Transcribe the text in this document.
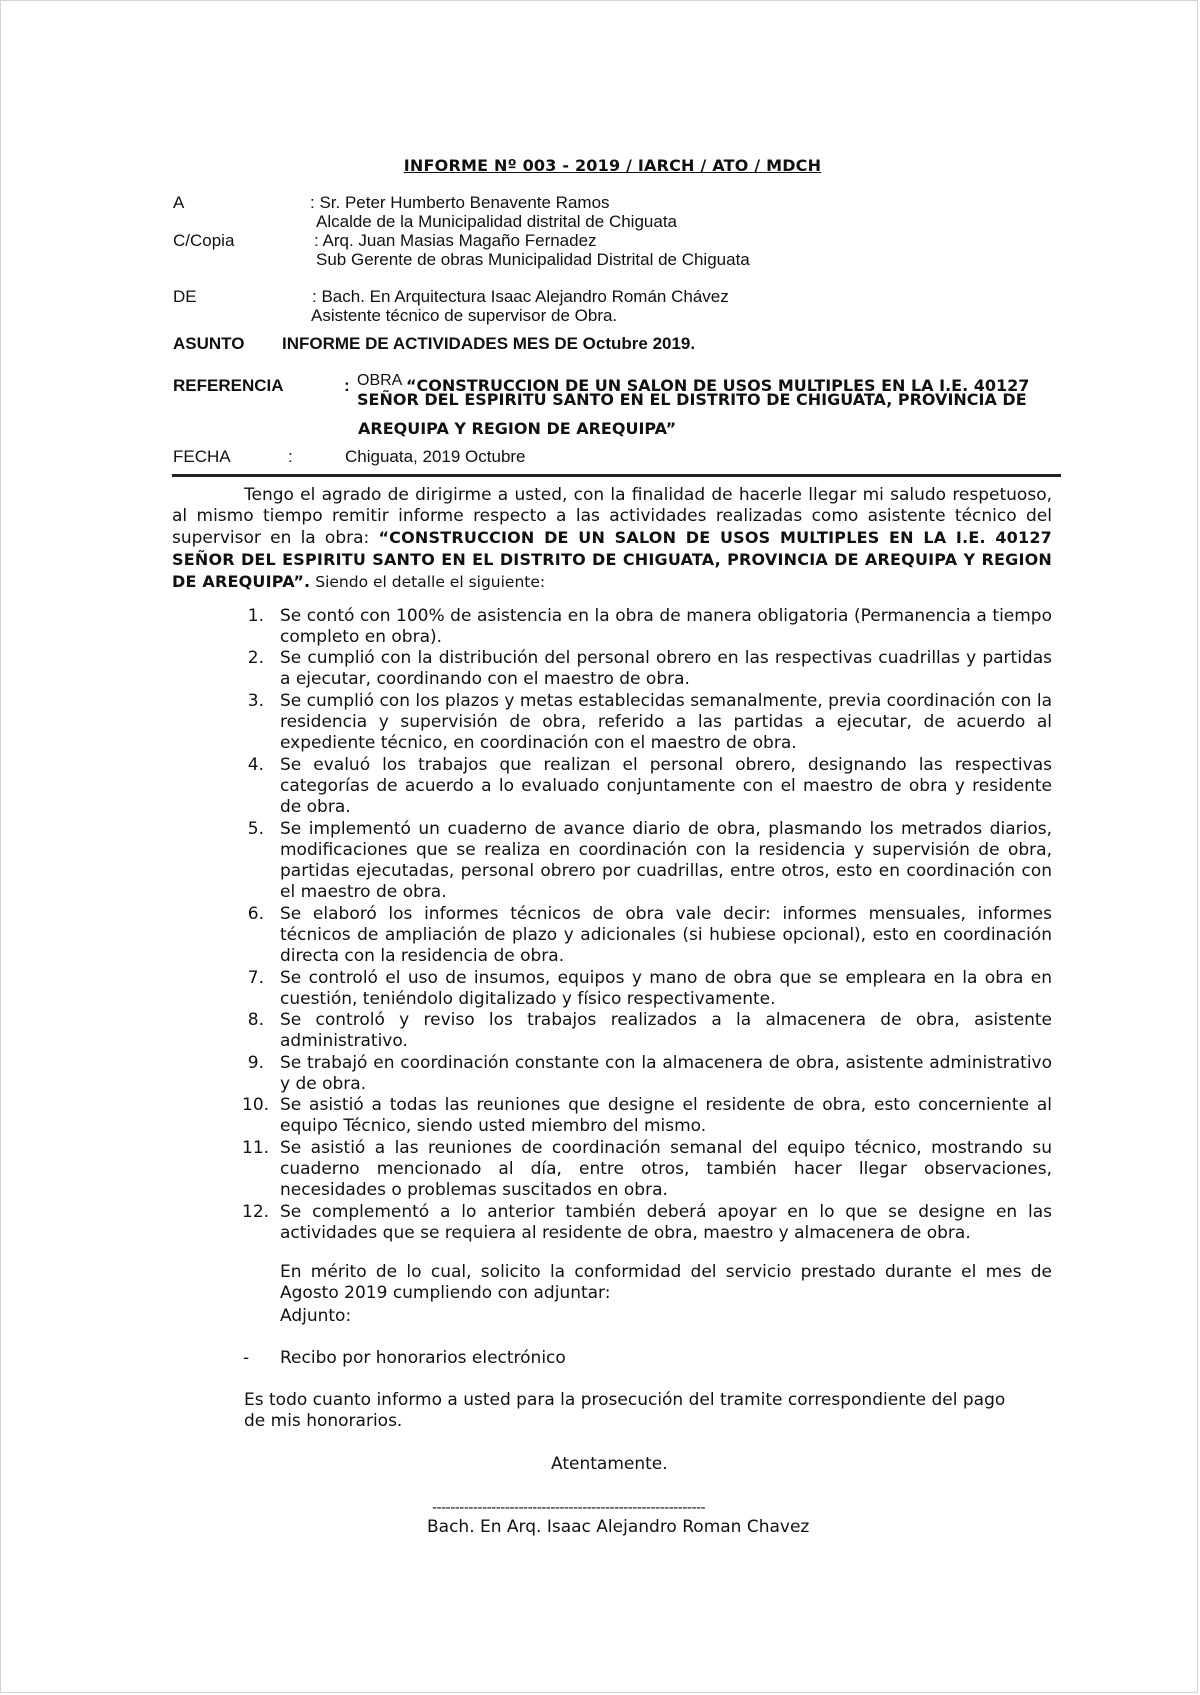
INFORME Nº 003 - 2019 / IARCH / ATO / MDCH
A	: Sr. Peter Humberto Benavente Ramos
Alcalde de la Municipalidad distrital de Chiguata
C/Copia	: Arq. Juan Masias Magaño Fernadez
Sub Gerente de obras Municipalidad Distrital de Chiguata
DE	: Bach. En Arquitectura Isaac Alejandro Román Chávez
Asistente técnico de supervisor de Obra.
ASUNTO INFORME DE ACTIVIDADES MES DE Octubre 2019.
REFERENCIA	: OBRA “CONSTRUCCION DE UN SALON DE USOS MULTIPLES EN LA I.E. 40127
SEÑOR DEL ESPIRITU SANTO EN EL DISTRITO DE CHIGUATA, PROVINCIA DE
AREQUIPA Y REGION DE AREQUIPA”
FECHA	:	Chiguata, 2019 Octubre
Tengo el agrado de dirigirme a usted, con la finalidad de hacerle llegar mi saludo respetuoso, al mismo tiempo remitir informe respecto a las actividades realizadas como asistente técnico del supervisor en la obra: “CONSTRUCCION DE UN SALON DE USOS MULTIPLES EN LA I.E. 40127 SEÑOR DEL ESPIRITU SANTO EN EL DISTRITO DE CHIGUATA, PROVINCIA DE AREQUIPA Y REGION DE AREQUIPA”. Siendo el detalle el siguiente:
1. Se contó con 100% de asistencia en la obra de manera obligatoria (Permanencia a tiempo completo en obra).
2. Se cumplió con la distribución del personal obrero en las respectivas cuadrillas y partidas a ejecutar, coordinando con el maestro de obra.
3. Se cumplió con los plazos y metas establecidas semanalmente, previa coordinación con la residencia y supervisión de obra, referido a las partidas a ejecutar, de acuerdo al expediente técnico, en coordinación con el maestro de obra.
4. Se evaluó los trabajos que realizan el personal obrero, designando las respectivas categorías de acuerdo a lo evaluado conjuntamente con el maestro de obra y residente de obra.
5. Se implementó un cuaderno de avance diario de obra, plasmando los metrados diarios, modificaciones que se realiza en coordinación con la residencia y supervisión de obra, partidas ejecutadas, personal obrero por cuadrillas, entre otros, esto en coordinación con el maestro de obra.
6. Se elaboró los informes técnicos de obra vale decir: informes mensuales, informes técnicos de ampliación de plazo y adicionales (si hubiese opcional), esto en coordinación directa con la residencia de obra.
7. Se controló el uso de insumos, equipos y mano de obra que se empleara en la obra en cuestión, teniéndolo digitalizado y físico respectivamente.
8. Se controló y reviso los trabajos realizados a la almacenera de obra, asistente administrativo.
9. Se trabajó en coordinación constante con la almacenera de obra, asistente administrativo y de obra.
10. Se asistió a todas las reuniones que designe el residente de obra, esto concerniente al equipo Técnico, siendo usted miembro del mismo.
11. Se asistió a las reuniones de coordinación semanal del equipo técnico, mostrando su cuaderno mencionado al día, entre otros, también hacer llegar observaciones, necesidades o problemas suscitados en obra.
12. Se complementó a lo anterior también deberá apoyar en lo que se designe en las actividades que se requiera al residente de obra, maestro y almacenera de obra.
En mérito de lo cual, solicito la conformidad del servicio prestado durante el mes de Agosto 2019 cumpliendo con adjuntar:
Adjunto:
- Recibo por honorarios electrónico
Es todo cuanto informo a usted para la prosecución del tramite correspondiente del pago de mis honorarios.
Atentamente.
------------------------------------------------------------
Bach. En Arq. Isaac Alejandro Roman Chavez
